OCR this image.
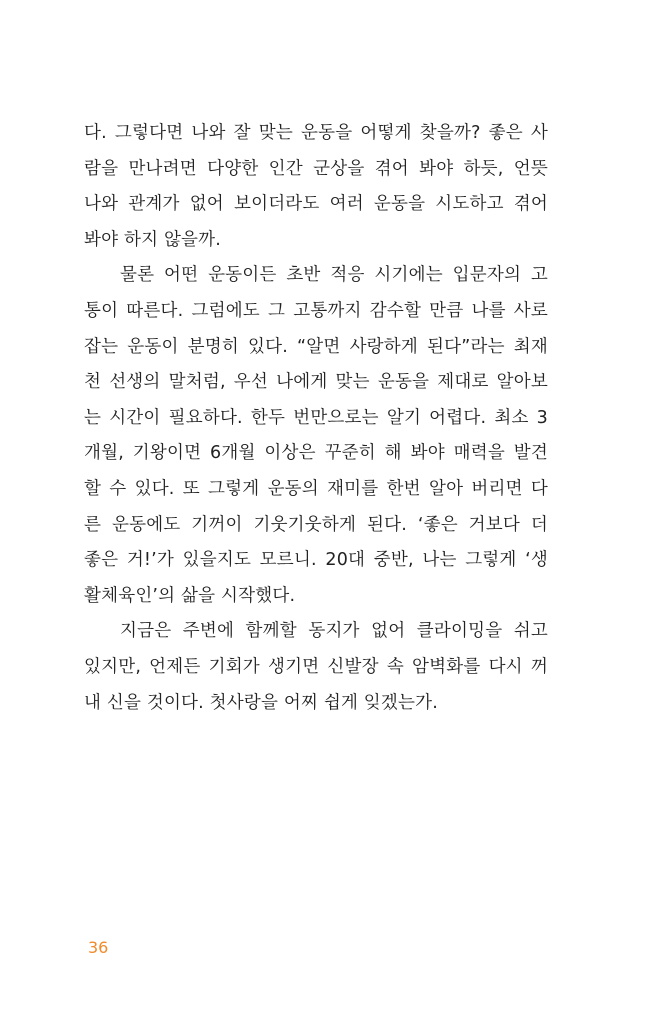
다. 그렇다면 나와 잘 맞는 운동을 어떻게 찾을까? 좋은 사
람을 만나려면 다양한 인간 군상을 겪어 봐야 하듯, 언뜻
나와 관계가 없어 보이더라도 여러 운동을 시도하고 겪어
봐야 하지 않을까.
물론 어떤 운동이든 초반 적응 시기에는 입문자의 고
통이 따른다. 그럼에도 그 고통까지 감수할 만큼 나를 사로
잡는 운동이 분명히 있다. “알면 사랑하게 된다”라는 최재
천 선생의 말처럼, 우선 나에게 맞는 운동을 제대로 알아보
는 시간이 필요하다. 한두 번만으로는 알기 어렵다. 최소 3
개월, 기왕이면 6개월 이상은 꾸준히 해 봐야 매력을 발견
할 수 있다. 또 그렇게 운동의 재미를 한번 알아 버리면 다
른 운동에도 기꺼이 기웃기웃하게 된다. ‘좋은 거보다 더
좋은 거!’가 있을지도 모르니. 20대 중반, 나는 그렇게 ‘생
활체육인’의 삶을 시작했다.
지금은 주변에 함께할 동지가 없어 클라이밍을 쉬고
있지만, 언제든 기회가 생기면 신발장 속 암벽화를 다시 꺼
내 신을 것이다. 첫사랑을 어찌 쉽게 잊겠는가.
36
